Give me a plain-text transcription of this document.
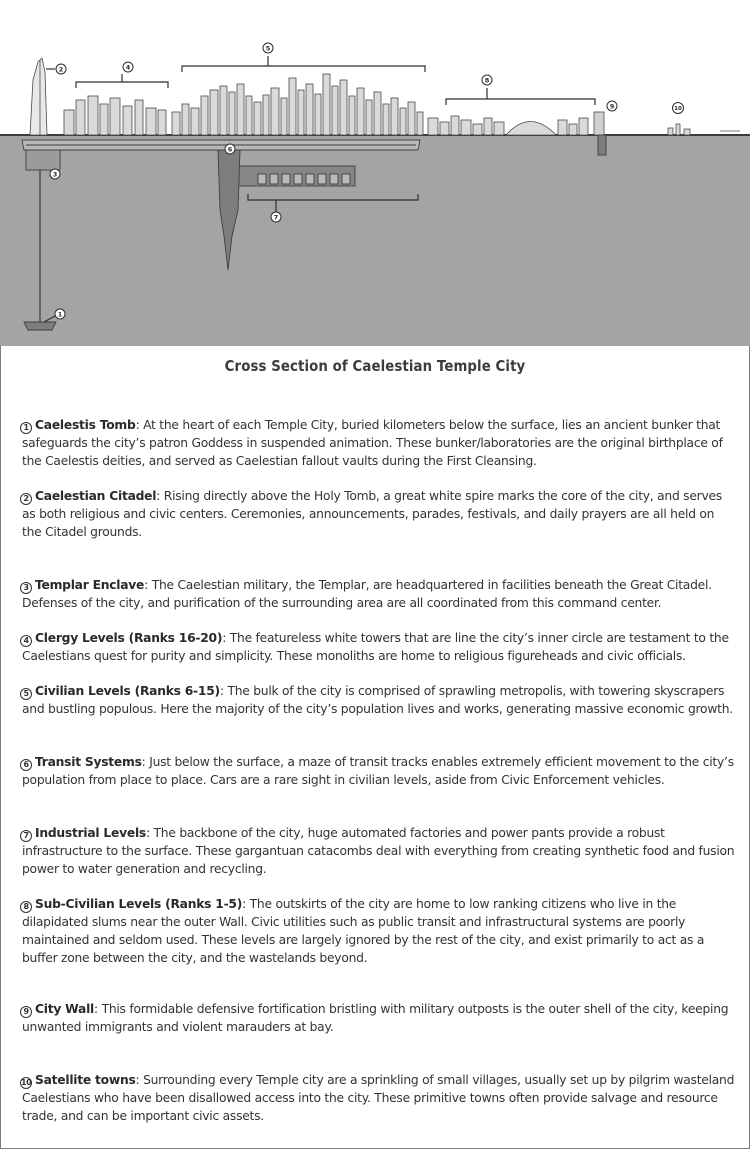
1
2
3
4
5
6
7
8
9	10
Cross Section of Caelestian Temple City
1 Caelestis Tomb: At the heart of each Temple City, buried kilometers below the surface, lies an ancient bunker that safeguards the city’s patron Goddess in suspended animation. These bunker/laboratories are the original birthplace of the Caelestis deities, and served as Caelestian fallout vaults during the First Cleansing.
2 Caelestian Citadel: Rising directly above the Holy Tomb, a great white spire marks the core of the city, and serves as both religious and civic centers. Ceremonies, announcements, parades, festivals, and daily prayers are all held on the Citadel grounds.
3 Templar Enclave: The Caelestian military, the Templar, are headquartered in facilities beneath the Great Citadel. Defenses of the city, and purification of the surrounding area are all coordinated from this command center.
4 Clergy Levels (Ranks 16-20): The featureless white towers that are line the city’s inner circle are testament to the Caelestians quest for purity and simplicity. These monoliths are home to religious figureheads and civic officials.
5 Civilian Levels (Ranks 6-15): The bulk of the city is comprised of sprawling metropolis, with towering skyscrapers and bustling populous. Here the majority of the city’s population lives and works, generating massive economic growth.
6 Transit Systems: Just below the surface, a maze of transit tracks enables extremely efficient movement to the city’s population from place to place. Cars are a rare sight in civilian levels, aside from Civic Enforcement vehicles.
7 Industrial Levels: The backbone of the city, huge automated factories and power pants provide a robust infrastructure to the surface. These gargantuan catacombs deal with everything from creating synthetic food and fusion power to water generation and recycling.
8 Sub-Civilian Levels (Ranks 1-5): The outskirts of the city are home to low ranking citizens who live in the dilapidated slums near the outer Wall. Civic utilities such as public transit and infrastructural systems are poorly maintained and seldom used. These levels are largely ignored by the rest of the city, and exist primarily to act as a buffer zone between the city, and the wastelands beyond.
9 City Wall: This formidable defensive fortification bristling with military outposts is the outer shell of the city, keeping unwanted immigrants and violent marauders at bay.
10 Satellite towns: Surrounding every Temple city are a sprinkling of small villages, usually set up by pilgrim wasteland Caelestians who have been disallowed access into the city. These primitive towns often provide salvage and resource trade, and can be important civic assets.
